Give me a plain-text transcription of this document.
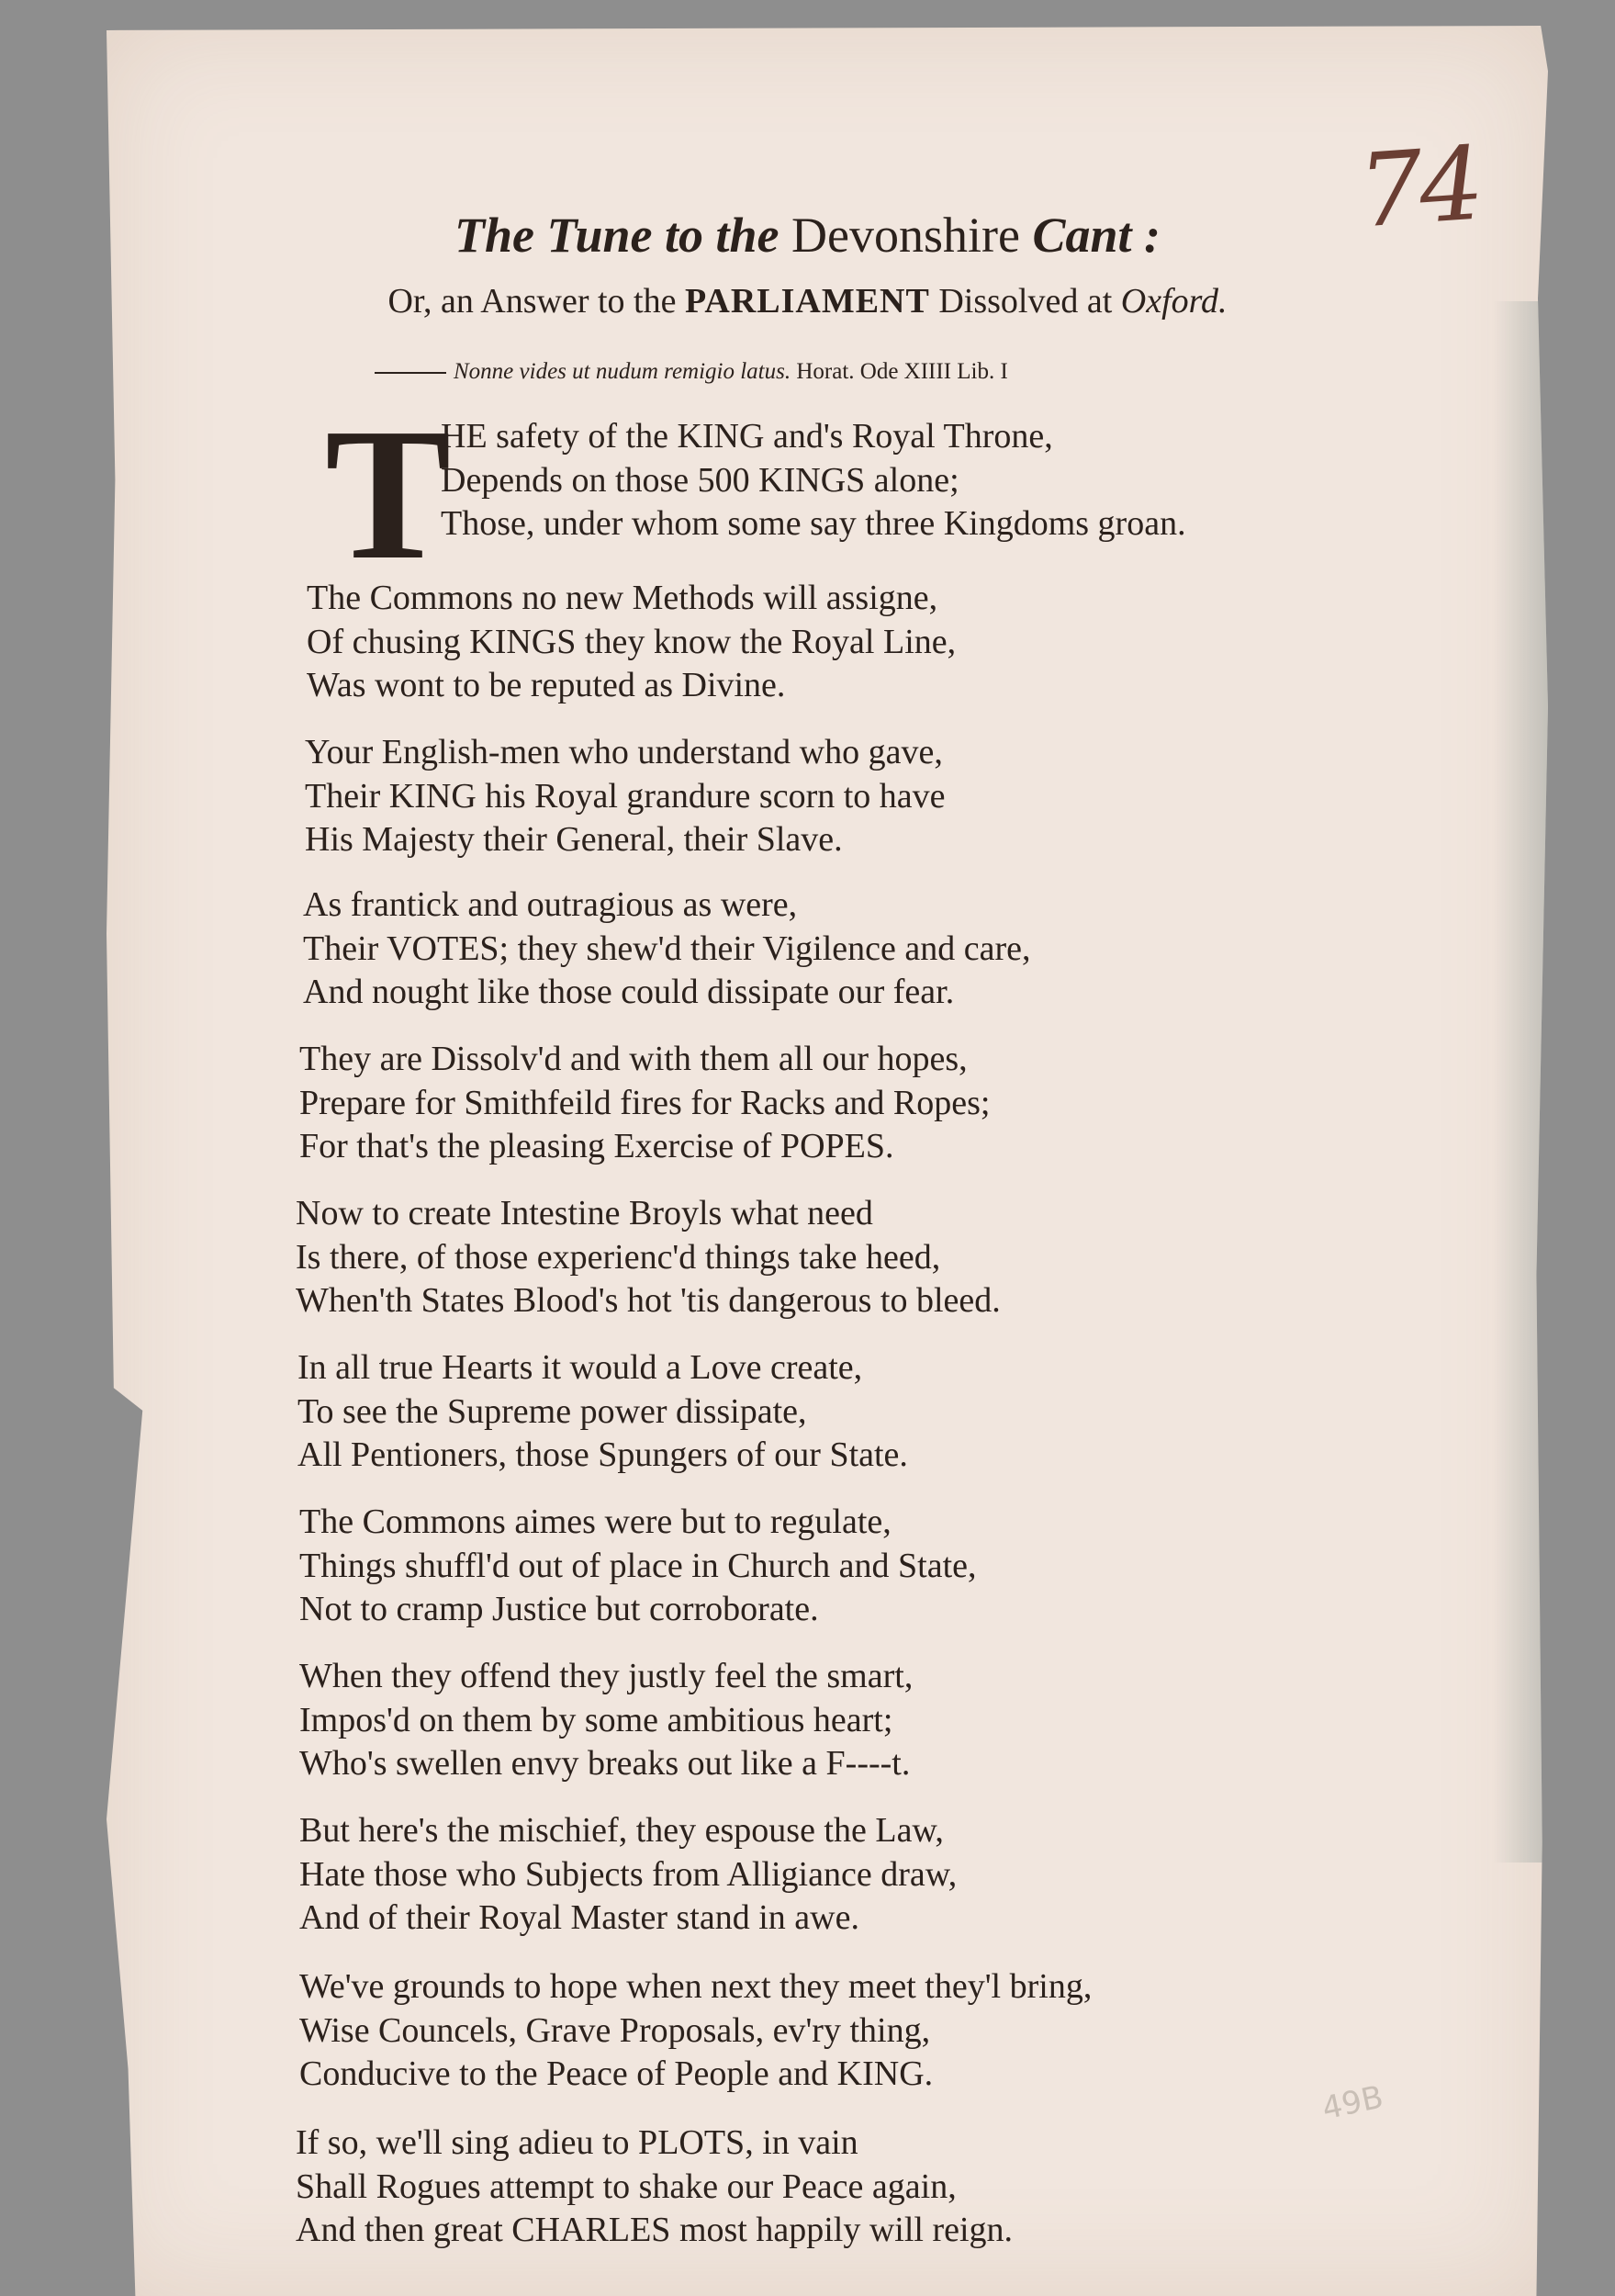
74
49B
The Tune to the Devonshire Cant :
Or, an Answer to the PARLIAMENT Dissolved at Oxford.
Nonne vides ut nudum remigio latus. Horat. Ode XIIII Lib. I
T
HE safety of the KING and's Royal Throne,
Depends on those 500 KINGS alone;
Those, under whom some say three Kingdoms groan.
The Commons no new Methods will assigne,
Of chusing KINGS they know the Royal Line,
Was wont to be reputed as Divine.
Your English-men who understand who gave,
Their KING his Royal grandure scorn to have
His Majesty their General, their Slave.
As frantick and outragious as were,
Their VOTES; they shew'd their Vigilence and care,
And nought like those could dissipate our fear.
They are Dissolv'd and with them all our hopes,
Prepare for Smithfeild fires for Racks and Ropes;
For that's the pleasing Exercise of POPES.
Now to create Intestine Broyls what need
Is there, of those experienc'd things take heed,
When'th States Blood's hot 'tis dangerous to bleed.
In all true Hearts it would a Love create,
To see the Supreme power dissipate,
All Pentioners, those Spungers of our State.
The Commons aimes were but to regulate,
Things shuffl'd out of place in Church and State,
Not to cramp Justice but corroborate.
When they offend they justly feel the smart,
Impos'd on them by some ambitious heart;
Who's swellen envy breaks out like a F----t.
But here's the mischief, they espouse the Law,
Hate those who Subjects from Alligiance draw,
And of their Royal Master stand in awe.
We've grounds to hope when next they meet they'l bring,
Wise Councels, Grave Proposals, ev'ry thing,
Conducive to the Peace of People and KING.
If so, we'll sing adieu to PLOTS, in vain
Shall Rogues attempt to shake our Peace again,
And then great CHARLES most happily will reign.
